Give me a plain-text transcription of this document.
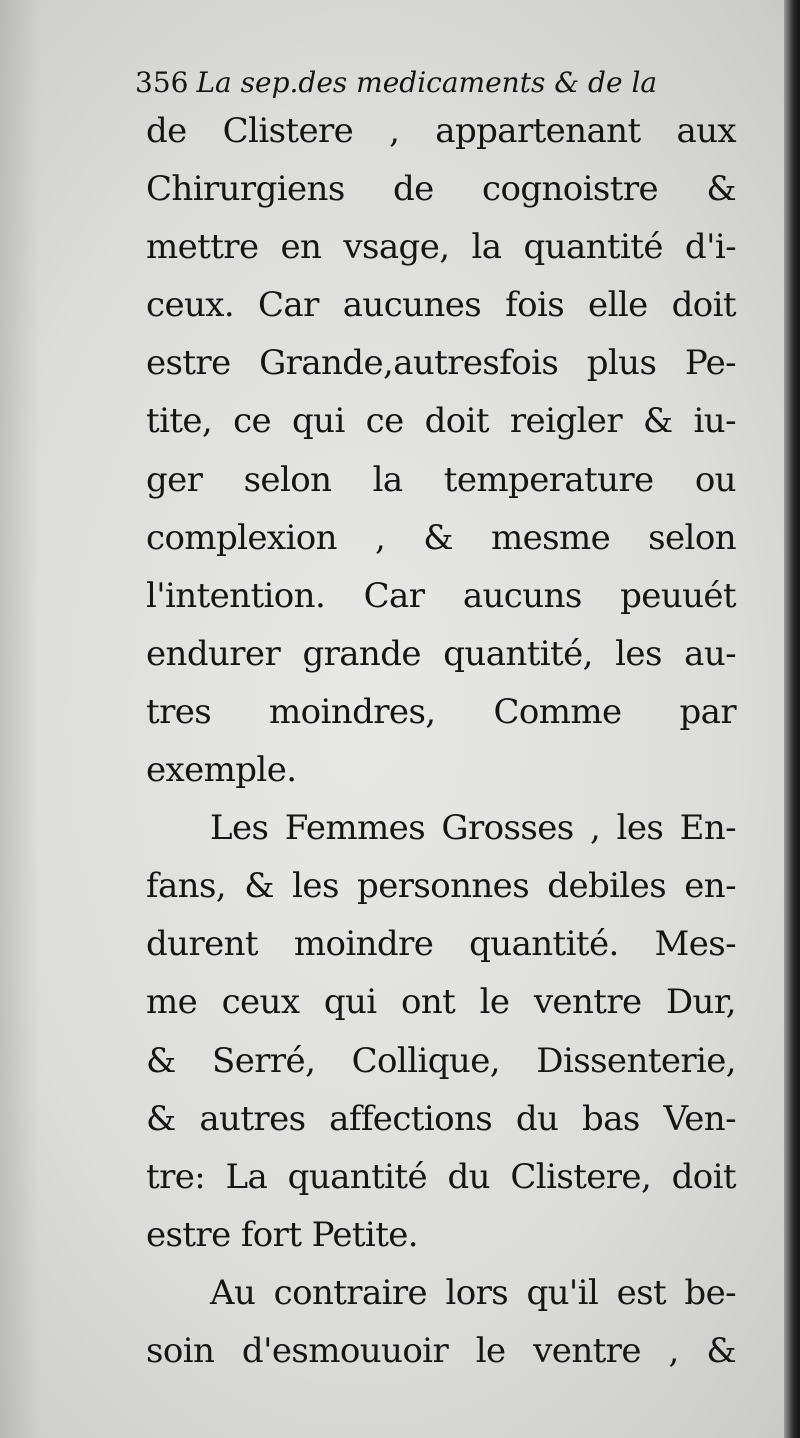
356 La sep.des medicaments & de la
de Clistere , appartenant aux
Chirurgiens de cognoistre &
mettre en vsage, la quantité d'i-
ceux. Car aucunes fois elle doit
estre Grande,autresfois plus Pe-
tite, ce qui ce doit reigler & iu-
ger selon la temperature ou
complexion , & mesme selon
l'intention. Car aucuns peuuét
endurer grande quantité, les au-
tres moindres, Comme par
exemple.
Les Femmes Grosses , les En-
fans, & les personnes debiles en-
durent moindre quantité. Mes-
me ceux qui ont le ventre Dur,
& Serré, Collique, Dissenterie,
& autres affections du bas Ven-
tre: La quantité du Clistere, doit
estre fort Petite.
Au contraire lors qu'il est be-
soin d'esmouuoir le ventre , &
